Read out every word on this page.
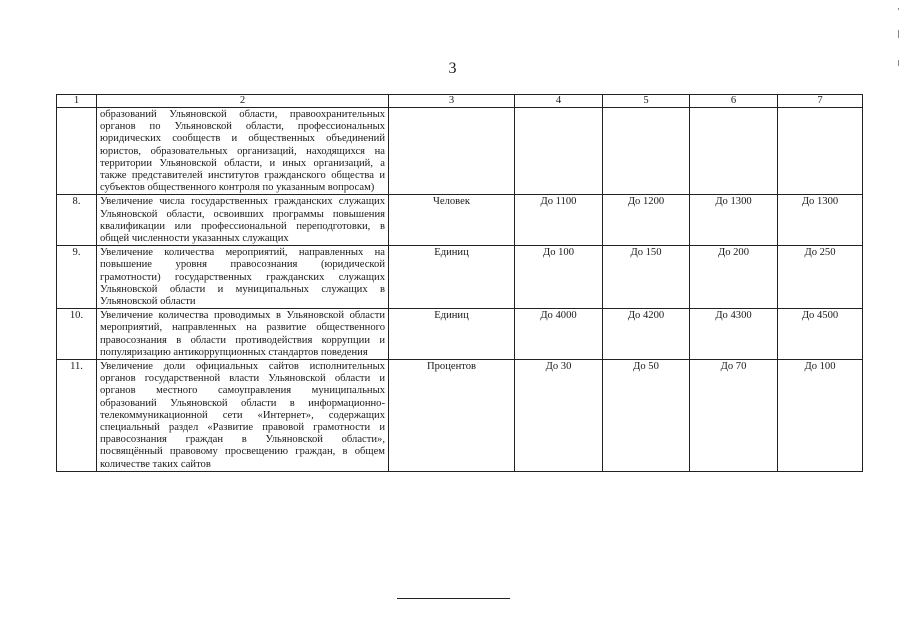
3
1	2	3	4	5	6	7
	образований Ульяновской области, правоохранительных органов по Ульяновской области, профессиональных юридических сообществ и общественных объединений юристов, образовательных организаций, находящихся на территории Ульяновской области, и иных организаций, а также представителей институтов гражданского общества и субъектов общественного контроля по указанным вопросам)					
8.	Увеличение числа государственных гражданских служащих Ульяновской области, освоивших программы повышения квалификации или профессиональной переподготовки, в общей численности указанных служащих	Человек	До 1100	До 1200	До 1300	До 1300
9.	Увеличение количества мероприятий, направленных на повышение уровня правосознания (юридической грамотности) государственных гражданских служащих Ульяновской области и муниципальных служащих в Ульяновской области	Единиц	До 100	До 150	До 200	До 250
10.	Увеличение количества проводимых в Ульяновской области мероприятий, направленных на развитие общественного правосознания в области противодействия коррупции и популяризацию антикоррупционных стандартов поведения	Единиц	До 4000	До 4200	До 4300	До 4500
11.	Увеличение доли официальных сайтов исполнительных органов государственной власти Ульяновской области и органов местного самоуправления муниципальных образований Ульяновской области в информационно-телекоммуникационной сети «Интернет», содержащих специальный раздел «Развитие правовой грамотности и правосознания граждан в Ульяновской области», посвящённый правовому просвещению граждан, в общем количестве таких сайтов	Процентов	До 30	До 50	До 70	До 100
